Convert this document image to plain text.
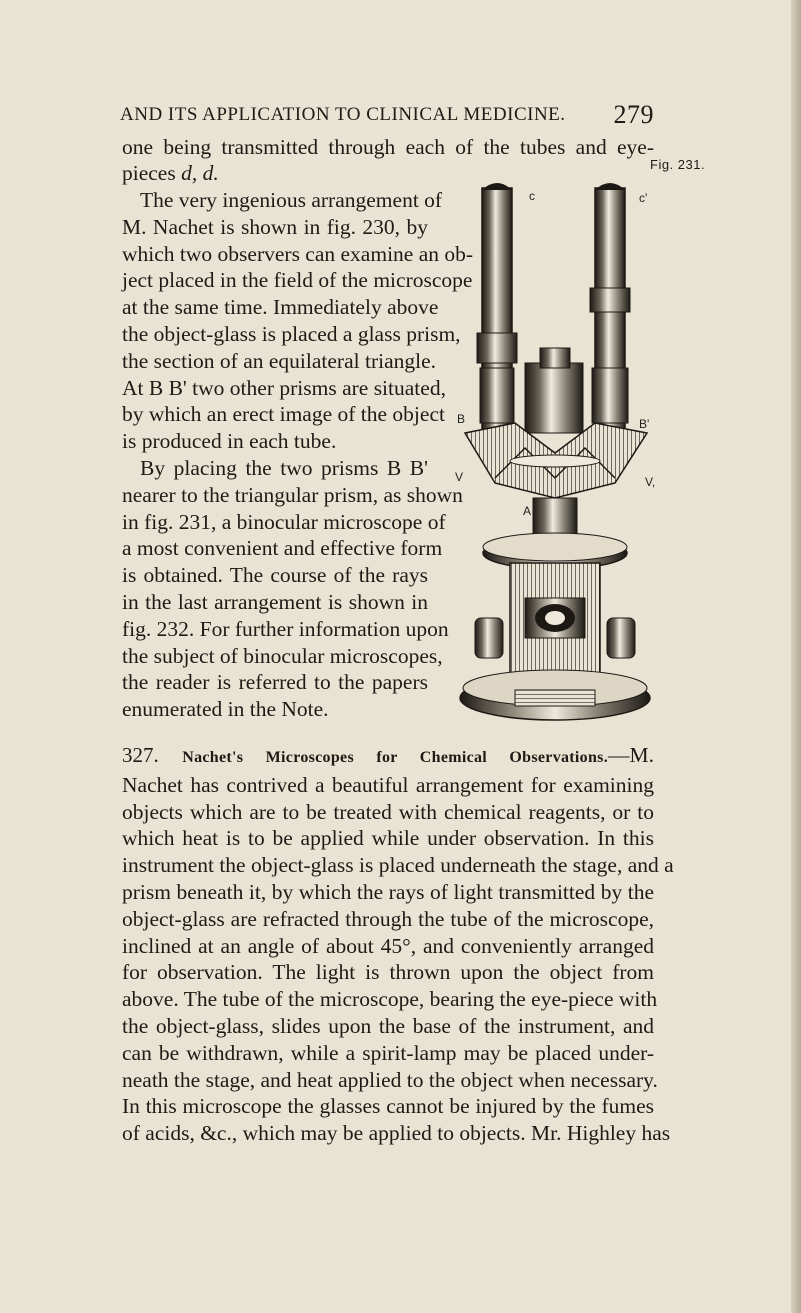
AND ITS APPLICATION TO CLINICAL MEDICINE. 279

one being transmitted through each of the tubes and eye-

pieces d, d.	Fig. 231.
The very ingenious arrangement of
M. Nachet is shown in fig. 230, by
which two observers can examine an ob-
ject placed in the field of the microscope
at the same time. Immediately above
the object-glass is placed a glass prism,
the section of an equilateral triangle.
At B B' two other prisms are situated,
by which an erect image of the object
is produced in each tube.
By placing the two prisms B B'
nearer to the triangular prism, as shown
in fig. 231, a binocular microscope of
a most convenient and effective form
is obtained. The course of the rays
in the last arrangement is shown in
fig. 232. For further information upon
the subject of binocular microscopes,
the reader is referred to the papers
enumerated in the Note.
c	c'
B	B'
V	V,
A
327. Nachet's Microscopes for Chemical Observations.—M.
Nachet has contrived a beautiful arrangement for examining
objects which are to be treated with chemical reagents, or to
which heat is to be applied while under observation. In this
instrument the object-glass is placed underneath the stage, and a
prism beneath it, by which the rays of light transmitted by the
object-glass are refracted through the tube of the microscope,
inclined at an angle of about 45°, and conveniently arranged
for observation. The light is thrown upon the object from
above. The tube of the microscope, bearing the eye-piece with
the object-glass, slides upon the base of the instrument, and
can be withdrawn, while a spirit-lamp may be placed under-
neath the stage, and heat applied to the object when necessary.
In this microscope the glasses cannot be injured by the fumes
of acids, &c., which may be applied to objects. Mr. Highley has
